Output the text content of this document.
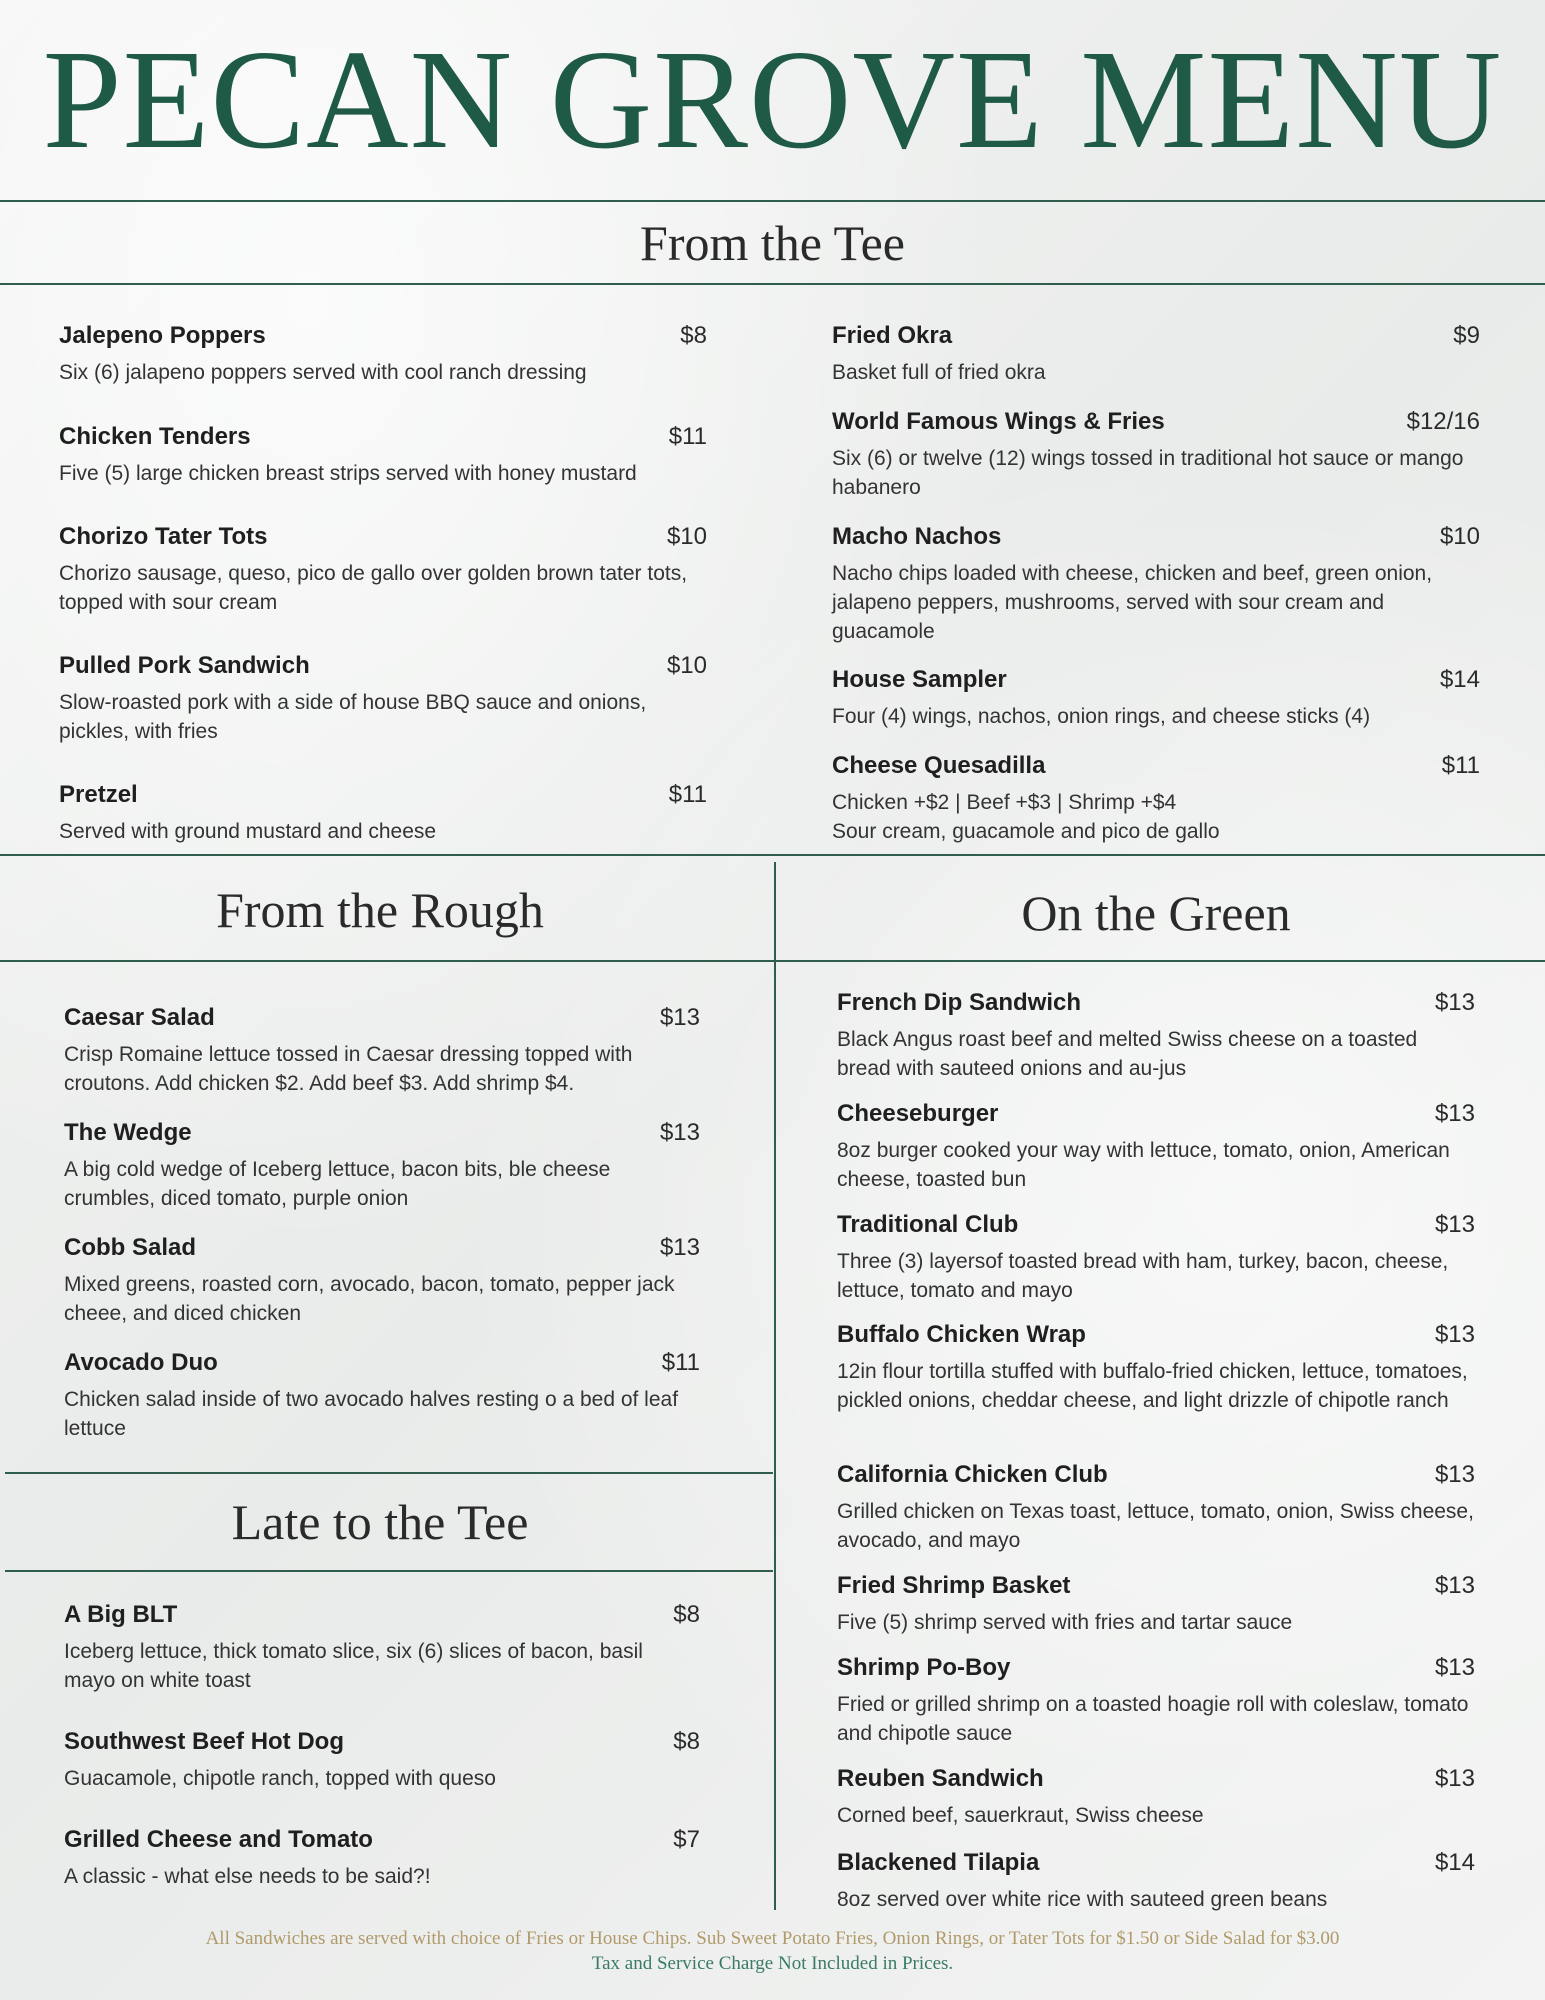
PECAN GROVE MENU
From the Tee
From the Rough	On the Green
Late to the Tee
Jalepeno Poppers	$8
Six (6) jalapeno poppers served with cool ranch dressing
Chicken Tenders	$11
Five (5) large chicken breast strips served with honey mustard
Chorizo Tater Tots	$10
Chorizo sausage, queso, pico de gallo over golden brown tater tots, topped with sour cream
Pulled Pork Sandwich	$10
Slow-roasted pork with a side of house BBQ sauce and onions, pickles, with fries
Pretzel	$11
Served with ground mustard and cheese
Fried Okra	$9
Basket full of fried okra
World Famous Wings & Fries	$12/16
Six (6) or twelve (12) wings tossed in traditional hot sauce or mango habanero
Macho Nachos	$10
Nacho chips loaded with cheese, chicken and beef, green onion, jalapeno peppers, mushrooms, served with sour cream and guacamole
House Sampler	$14
Four (4) wings, nachos, onion rings, and cheese sticks (4)
Cheese Quesadilla	$11
Chicken +$2 | Beef +$3 | Shrimp +$4
Sour cream, guacamole and pico de gallo
Caesar Salad	$13
Crisp Romaine lettuce tossed in Caesar dressing topped with croutons. Add chicken $2. Add beef $3. Add shrimp $4.
The Wedge	$13
A big cold wedge of Iceberg lettuce, bacon bits, ble cheese crumbles, diced tomato, purple onion
Cobb Salad	$13
Mixed greens, roasted corn, avocado, bacon, tomato, pepper jack cheee, and diced chicken
Avocado Duo	$11
Chicken salad inside of two avocado halves resting o a bed of leaf lettuce
A Big BLT	$8
Iceberg lettuce, thick tomato slice, six (6) slices of bacon, basil mayo on white toast
Southwest Beef Hot Dog	$8
Guacamole, chipotle ranch, topped with queso
Grilled Cheese and Tomato	$7
A classic - what else needs to be said?!
French Dip Sandwich	$13
Black Angus roast beef and melted Swiss cheese on a toasted bread with sauteed onions and au-jus
Cheeseburger	$13
8oz burger cooked your way with lettuce, tomato, onion, American cheese, toasted bun
Traditional Club	$13
Three (3) layersof toasted bread with ham, turkey, bacon, cheese, lettuce, tomato and mayo
Buffalo Chicken Wrap	$13
12in flour tortilla stuffed with buffalo-fried chicken, lettuce, tomatoes, pickled onions, cheddar cheese, and light drizzle of chipotle ranch
California Chicken Club	$13
Grilled chicken on Texas toast, lettuce, tomato, onion, Swiss cheese, avocado, and mayo
Fried Shrimp Basket	$13
Five (5) shrimp served with fries and tartar sauce
Shrimp Po-Boy	$13
Fried or grilled shrimp on a toasted hoagie roll with coleslaw, tomato and chipotle sauce
Reuben Sandwich	$13
Corned beef, sauerkraut, Swiss cheese
Blackened Tilapia	$14
8oz served over white rice with sauteed green beans
All Sandwiches are served with choice of Fries or House Chips. Sub Sweet Potato Fries, Onion Rings, or Tater Tots for $1.50 or Side Salad for $3.00
Tax and Service Charge Not Included in Prices.
